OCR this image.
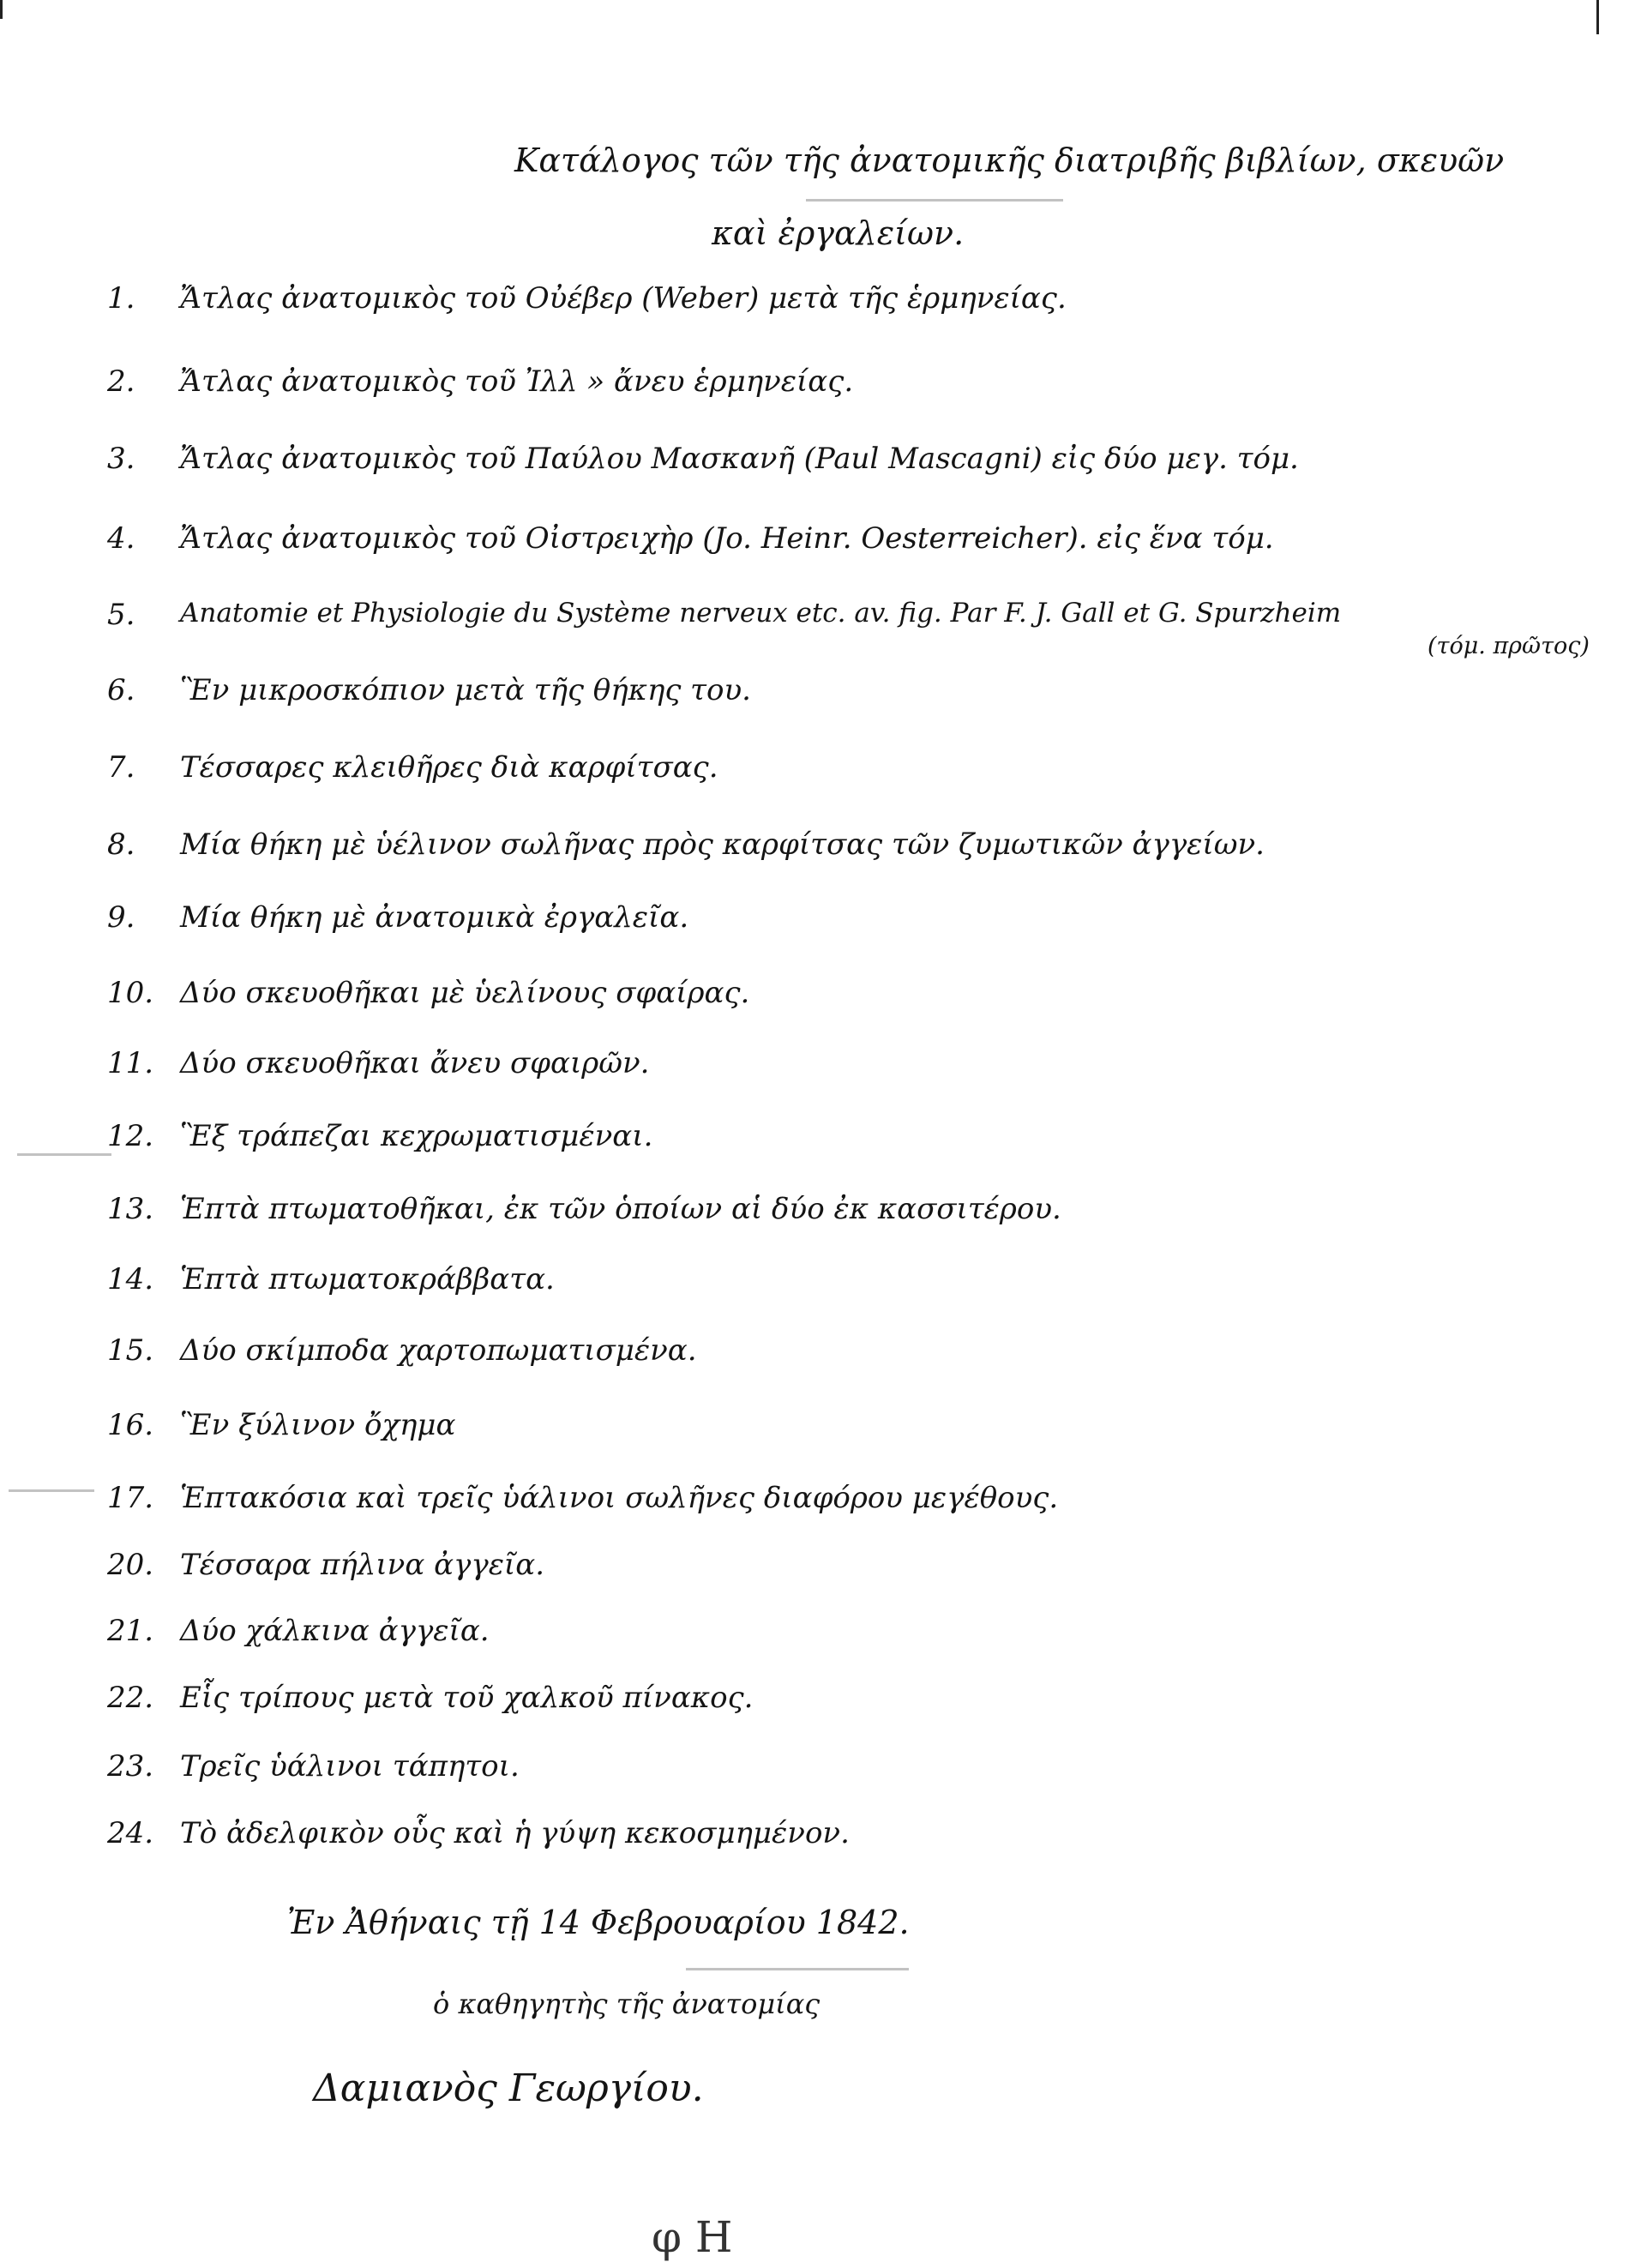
Κατάλογος τῶν τῆς ἀνατομικῆς διατριβῆς βιβλίων, σκευῶν
καὶ ἐργαλείων.
1.	Ἄτλας ἀνατομικὸς τοῦ Οὐέβερ (Weber) μετὰ τῆς ἑρμηνείας.
2.	Ἄτλας ἀνατομικὸς τοῦ Ἰλλ » ἄνευ ἑρμηνείας.
3.	Ἄτλας ἀνατομικὸς τοῦ Παύλου Μασκανῆ (Paul Mascagni) εἰς δύο μεγ. τόμ.
4.	Ἄτλας ἀνατομικὸς τοῦ Οἰστρειχὴρ (Jo. Heinr. Oesterreicher). εἰς ἕνα τόμ.
5.	Anatomie et Physiologie du Système nerveux etc. av. fig. Par F. J. Gall et G. Spurzheim
6.	Ἓν μικροσκόπιον μετὰ τῆς θήκης του.
7.	Τέσσαρες κλειθῆρες διὰ καρφίτσας.
8.	Μία θήκη μὲ ὑέλινον σωλῆνας πρὸς καρφίτσας τῶν ζυμωτικῶν ἀγγείων.
9.	Μία θήκη μὲ ἀνατομικὰ ἐργαλεῖα.
10. Δύο σκευοθῆκαι μὲ ὑελίνους σφαίρας.
11. Δύο σκευοθῆκαι ἄνευ σφαιρῶν.
12. Ἓξ τράπεζαι κεχρωματισμέναι.
13. Ἑπτὰ πτωματοθῆκαι, ἐκ τῶν ὁποίων αἱ δύο ἐκ κασσιτέρου.
14. Ἑπτὰ πτωματοκράββατα.
15. Δύο σκίμποδα χαρτοπωματισμένα.
16. Ἓν ξύλινον ὄχημα
17. Ἑπτακόσια καὶ τρεῖς ὑάλινοι σωλῆνες διαφόρου μεγέθους.
20. Τέσσαρα πήλινα ἀγγεῖα.
21. Δύο χάλκινα ἀγγεῖα.
22. Εἷς τρίπους μετὰ τοῦ χαλκοῦ πίνακος.
23. Τρεῖς ὑάλινοι τάπητοι.
24. Τὸ ἀδελφικὸν οὗς καὶ ἡ γύψη κεκοσμημένον.
(τόμ. πρῶτος)
Ἐν Ἀθήναις τῇ 14 Φεβρουαρίου 1842.
ὁ καθηγητὴς τῆς ἀνατομίας
Δαμιανὸς Γεωργίου.
φ H
